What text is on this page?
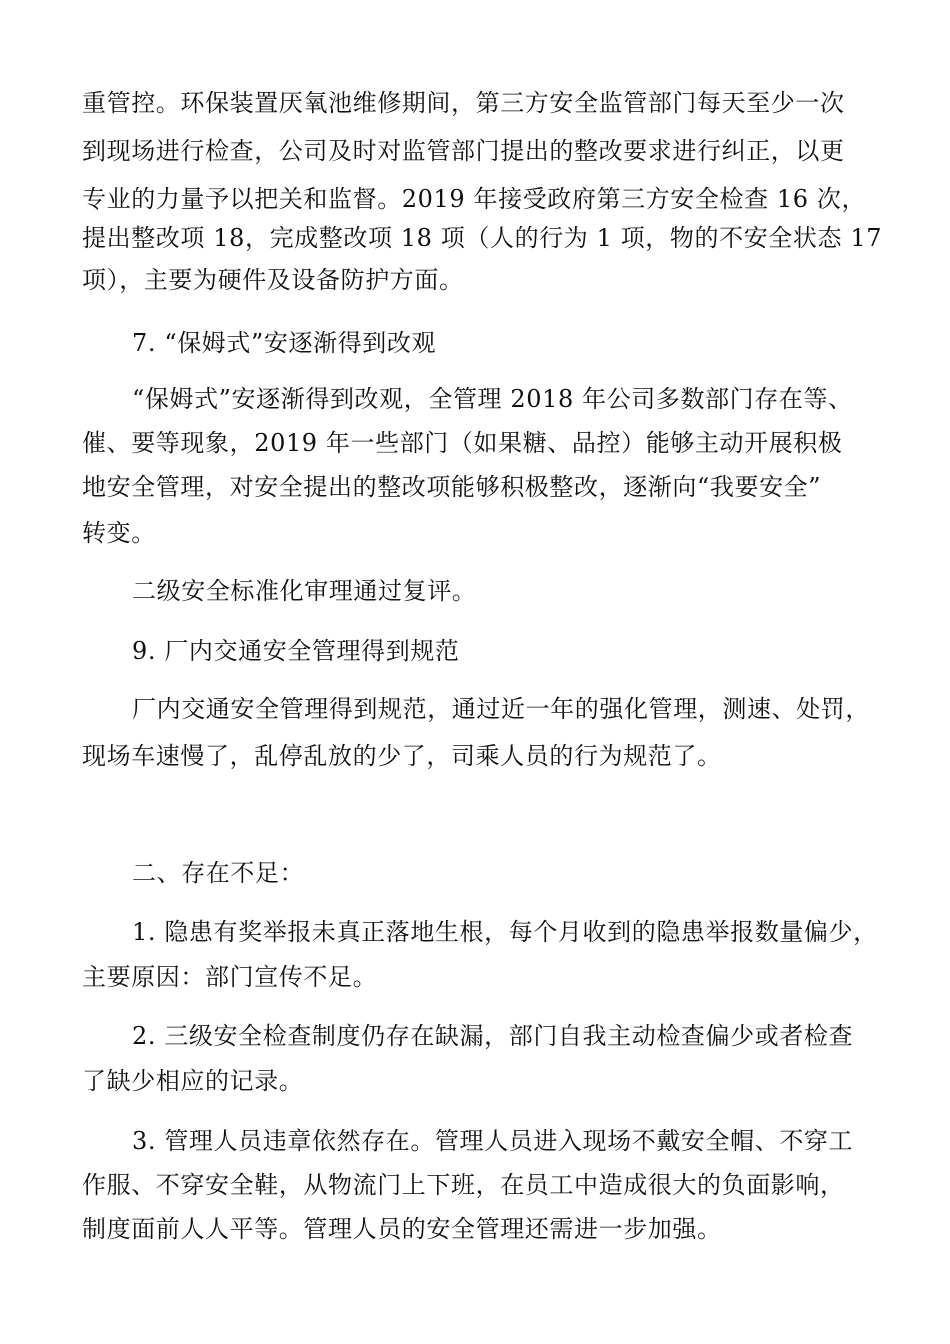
重管控。环保装置厌氧池维修期间，第三方安全监管部门每天至少一次
到现场进行检查，公司及时对监管部门提出的整改要求进行纠正，以更
专业的力量予以把关和监督。2019 年接受政府第三方安全检查 16 次，
提出整改项 18，完成整改项 18 项（人的行为 1 项，物的不安全状态 17
项），主要为硬件及设备防护方面。
7. “保姆式”安逐渐得到改观
“保姆式”安逐渐得到改观，全管理 2018 年公司多数部门存在等、
催、要等现象，2019 年一些部门（如果糖、品控）能够主动开展积极
地安全管理，对安全提出的整改项能够积极整改，逐渐向“我要安全”
转变。
二级安全标准化审理通过复评。
9. 厂内交通安全管理得到规范
厂内交通安全管理得到规范，通过近一年的强化管理，测速、处罚，
现场车速慢了，乱停乱放的少了，司乘人员的行为规范了。
二、存在不足：
1. 隐患有奖举报未真正落地生根，每个月收到的隐患举报数量偏少，
主要原因：部门宣传不足。
2. 三级安全检查制度仍存在缺漏，部门自我主动检查偏少或者检查
了缺少相应的记录。
3. 管理人员违章依然存在。管理人员进入现场不戴安全帽、不穿工
作服、不穿安全鞋，从物流门上下班，在员工中造成很大的负面影响，
制度面前人人平等。管理人员的安全管理还需进一步加强。
